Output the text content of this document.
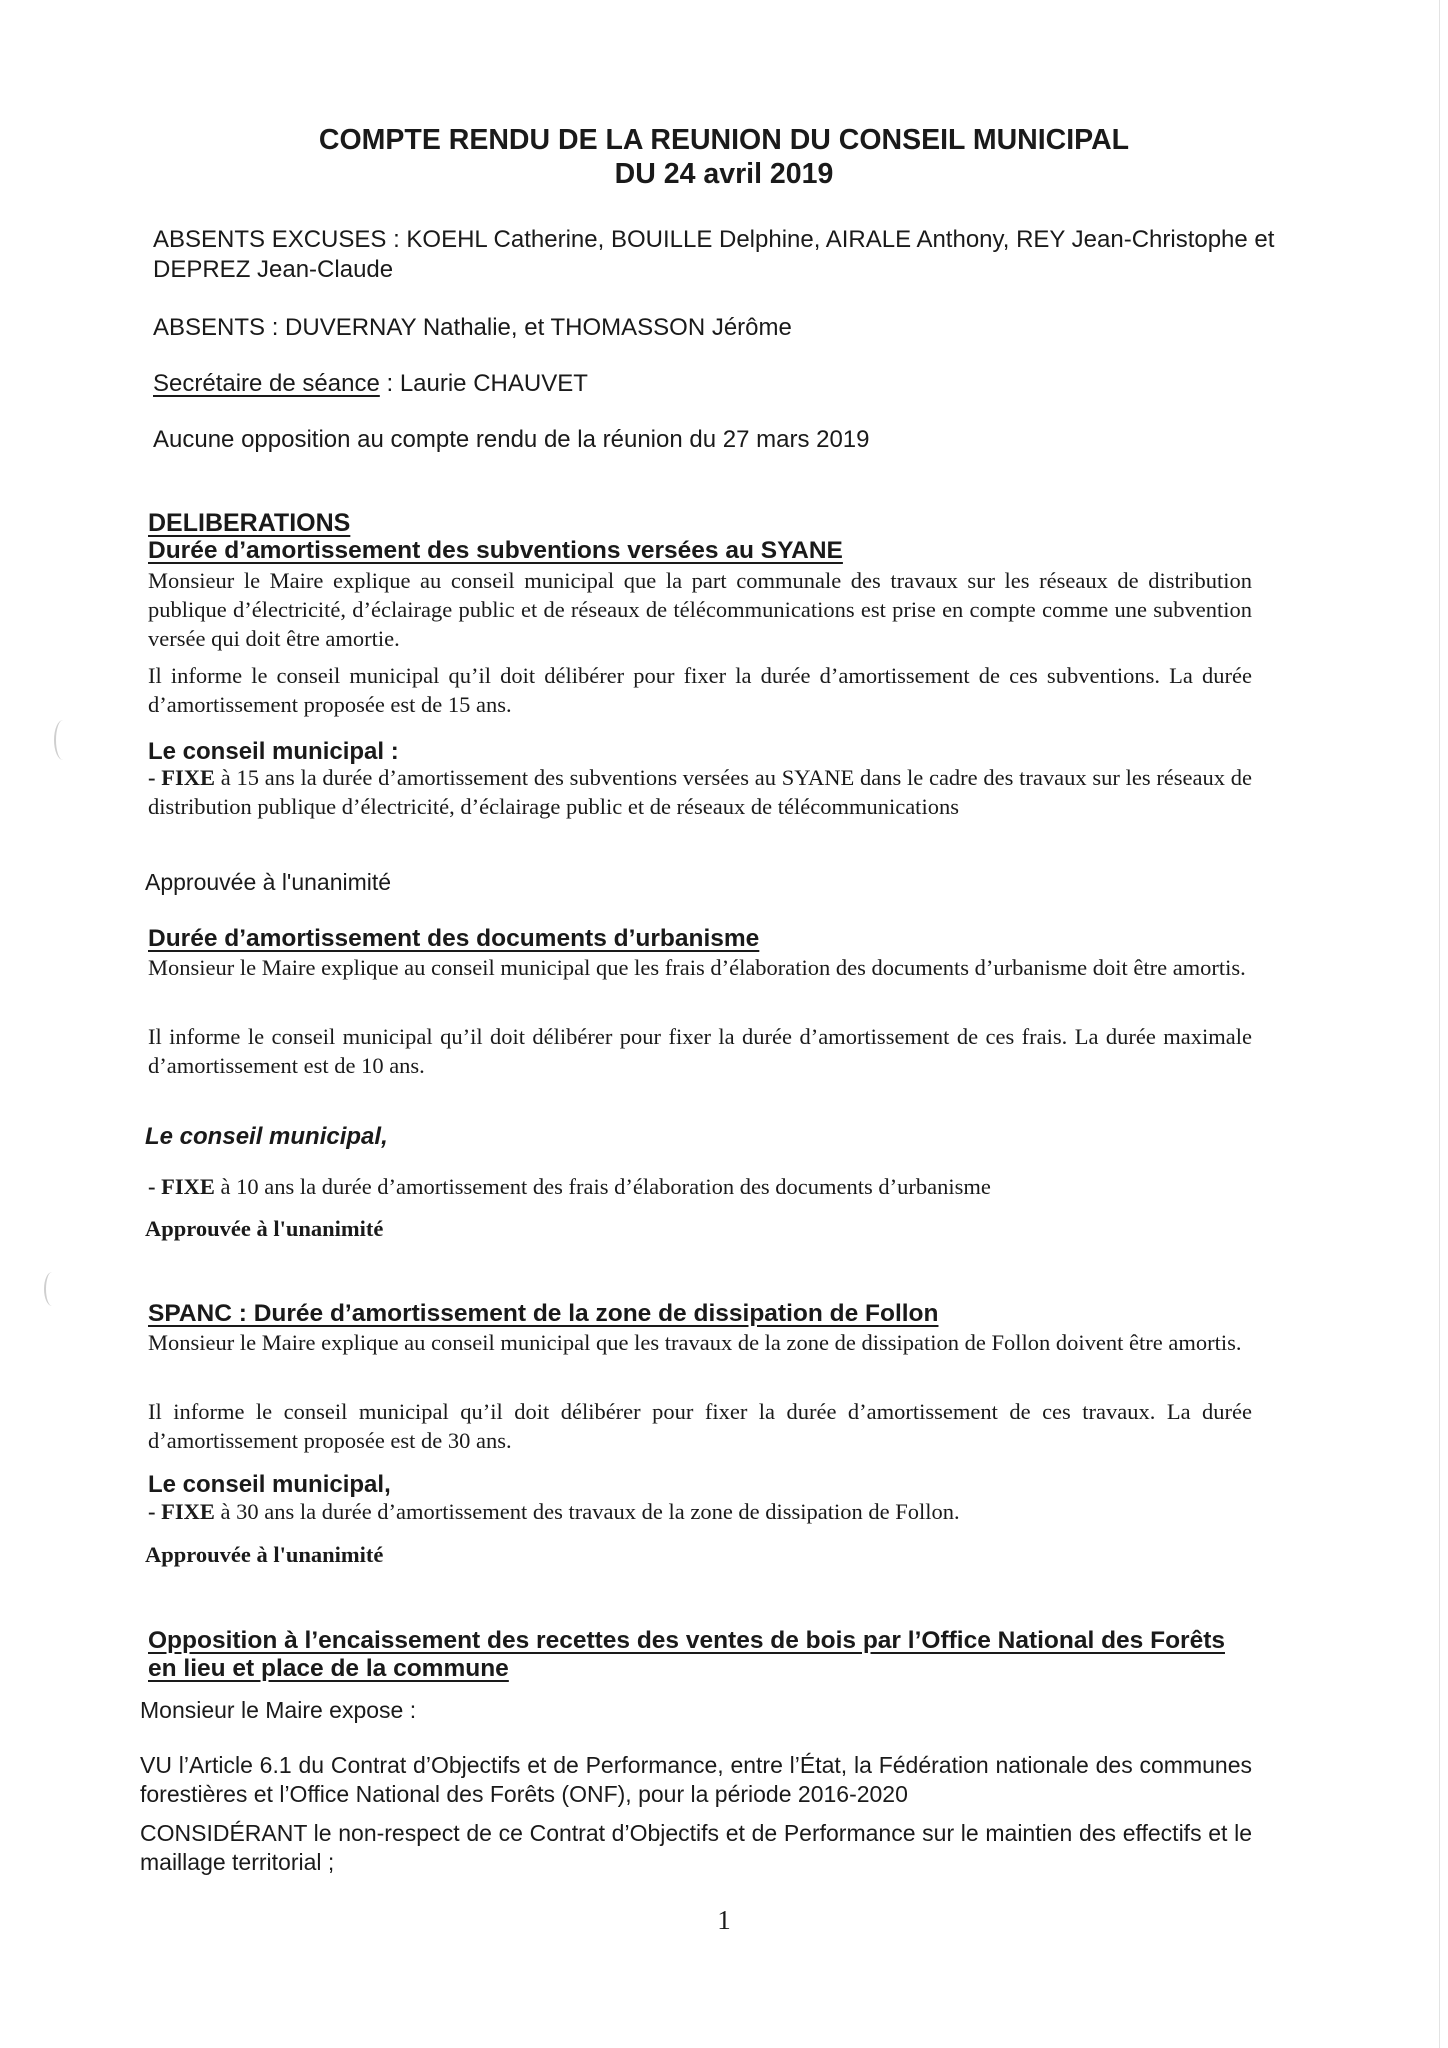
COMPTE RENDU DE LA REUNION DU CONSEIL MUNICIPAL
DU 24 avril 2019
ABSENTS EXCUSES : KOEHL Catherine, BOUILLE Delphine, AIRALE Anthony, REY Jean-Christophe et DEPREZ Jean-Claude
ABSENTS : DUVERNAY Nathalie, et THOMASSON Jérôme
Secrétaire de séance : Laurie CHAUVET
Aucune opposition au compte rendu de la réunion du 27 mars 2019
DELIBERATIONS
Durée d’amortissement des subventions versées au SYANE
Monsieur le Maire explique au conseil municipal que la part communale des travaux sur les réseaux de distribution publique d’électricité, d’éclairage public et de réseaux de télécommunications est prise en compte comme une subvention versée qui doit être amortie.
Il informe le conseil municipal qu’il doit délibérer pour fixer la durée d’amortissement de ces subventions. La durée d’amortissement proposée est de 15 ans.
Le conseil municipal :
- FIXE à 15 ans la durée d’amortissement des subventions versées au SYANE dans le cadre des travaux sur les réseaux de distribution publique d’électricité, d’éclairage public et de réseaux de télécommunications
Approuvée à l'unanimité
Durée d’amortissement des documents d’urbanisme
Monsieur le Maire explique au conseil municipal que les frais d’élaboration des documents d’urbanisme doit être amortis.
Il informe le conseil municipal qu’il doit délibérer pour fixer la durée d’amortissement de ces frais. La durée maximale d’amortissement est de 10 ans.
Le conseil municipal,
- FIXE à 10 ans la durée d’amortissement des frais d’élaboration des documents d’urbanisme
Approuvée à l'unanimité
SPANC : Durée d’amortissement de la zone de dissipation de Follon
Monsieur le Maire explique au conseil municipal que les travaux de la zone de dissipation de Follon doivent être amortis.
Il informe le conseil municipal qu’il doit délibérer pour fixer la durée d’amortissement de ces travaux. La durée d’amortissement proposée est de 30 ans.
Le conseil municipal,
- FIXE à 30 ans la durée d’amortissement des travaux de la zone de dissipation de Follon.
Approuvée à l'unanimité
Opposition à l’encaissement des recettes des ventes de bois par l’Office National des Forêts
en lieu et place de la commune
Monsieur le Maire expose :
VU l’Article 6.1 du Contrat d’Objectifs et de Performance, entre l’État, la Fédération nationale des communes forestières et l’Office National des Forêts (ONF), pour la période 2016-2020
CONSIDÉRANT le non-respect de ce Contrat d’Objectifs et de Performance sur le maintien des effectifs et le maillage territorial ;
1
